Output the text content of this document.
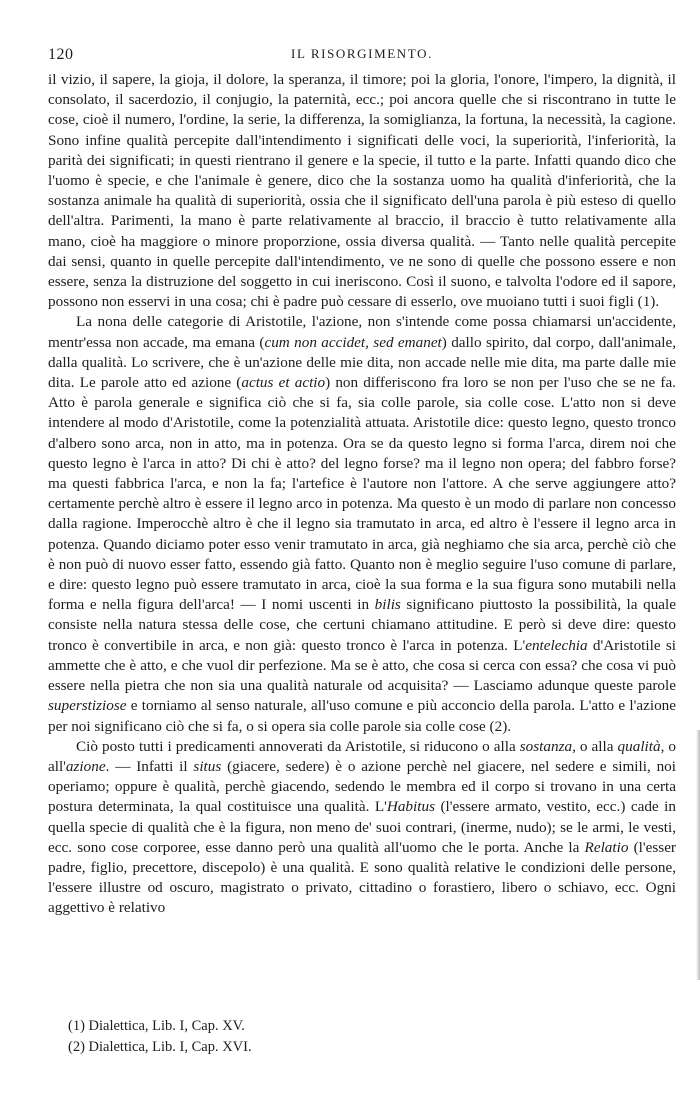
120	IL RISORGIMENTO.

il vizio, il sapere, la gioja, il dolore, la speranza, il timore; poi la gloria, l'onore, l'impero, la dignità, il consolato, il sacerdozio, il conjugio, la paternità, ecc.; poi ancora quelle che si riscontrano in tutte le cose, cioè il numero, l'ordine, la serie, la differenza, la somiglianza, la fortuna, la necessità, la cagione. Sono infine qualità percepite dall'intendimento i significati delle voci, la superiorità, l'inferiorità, la parità dei significati; in questi rientrano il genere e la specie, il tutto e la parte. Infatti quando dico che l'uomo è specie, e che l'animale è genere, dico che la sostanza uomo ha qualità d'inferiorità, che la sostanza animale ha qualità di superiorità, ossia che il significato dell'una parola è più esteso di quello dell'altra. Parimenti, la mano è parte relativamente al braccio, il braccio è tutto relativamente alla mano, cioè ha maggiore o minore proporzione, ossia diversa qualità. — Tanto nelle qualità percepite dai sensi, quanto in quelle percepite dall'intendimento, ve ne sono di quelle che possono essere e non essere, senza la distruzione del soggetto in cui ineriscono. Così il suono, e talvolta l'odore ed il sapore, possono non esservi in una cosa; chi è padre può cessare di esserlo, ove muoiano tutti i suoi figli (1).

La nona delle categorie di Aristotile, l'azione, non s'intende come possa chiamarsi un'accidente, mentr'essa non accade, ma emana (cum non accidet, sed emanet) dallo spirito, dal corpo, dall'animale, dalla qualità. Lo scrivere, che è un'azione delle mie dita, non accade nelle mie dita, ma parte dalle mie dita. Le parole atto ed azione (actus et actio) non differiscono fra loro se non per l'uso che se ne fa. Atto è parola generale e significa ciò che si fa, sia colle parole, sia colle cose. L'atto non si deve intendere al modo d'Aristotile, come la potenzialità attuata. Aristotile dice: questo legno, questo tronco d'albero sono arca, non in atto, ma in potenza. Ora se da questo legno si forma l'arca, direm noi che questo legno è l'arca in atto? Di chi è atto? del legno forse? ma il legno non opera; del fabbro forse? ma questi fabbrica l'arca, e non la fa; l'artefice è l'autore non l'attore. A che serve aggiungere atto? certamente perchè altro è essere il legno arco in potenza. Ma questo è un modo di parlare non concesso dalla ragione. Imperocchè altro è che il legno sia tramutato in arca, ed altro è l'essere il legno arca in potenza. Quando diciamo poter esso venir tramutato in arca, già neghiamo che sia arca, perchè ciò che è non può di nuovo esser fatto, essendo già fatto. Quanto non è meglio seguire l'uso comune di parlare, e dire: questo legno può essere tramutato in arca, cioè la sua forma e la sua figura sono mutabili nella forma e nella figura dell'arca! — I nomi uscenti in bilis significano piuttosto la possibilità, la quale consiste nella natura stessa delle cose, che certuni chiamano attitudine. E però si deve dire: questo tronco è convertibile in arca, e non già: questo tronco è l'arca in potenza. L'entelechia d'Aristotile si ammette che è atto, e che vuol dir perfezione. Ma se è atto, che cosa si cerca con essa? che cosa vi può essere nella pietra che non sia una qualità naturale od acquisita? — Lasciamo adunque queste parole superstiziose e torniamo al senso naturale, all'uso comune e più acconcio della parola. L'atto e l'azione per noi significano ciò che si fa, o si opera sia colle parole sia colle cose (2).

Ciò posto tutti i predicamenti annoverati da Aristotile, si riducono o alla sostanza, o alla qualità, o all'azione. — Infatti il situs (giacere, sedere) è o azione perchè nel giacere, nel sedere e simili, noi operiamo; oppure è qualità, perchè giacendo, sedendo le membra ed il corpo si trovano in una certa postura determinata, la qual costituisce una qualità. L'Habitus (l'essere armato, vestito, ecc.) cade in quella specie di qualità che è la figura, non meno de' suoi contrari, (inerme, nudo); se le armi, le vesti, ecc. sono cose corporee, esse danno però una qualità all'uomo che le porta. Anche la Relatio (l'esser padre, figlio, precettore, discepolo) è una qualità. E sono qualità relative le condizioni delle persone, l'essere illustre od oscuro, magistrato o privato, cittadino o forastiero, libero o schiavo, ecc. Ogni aggettivo è relativo

(1) Dialettica, Lib. I, Cap. XV.
(2) Dialettica, Lib. I, Cap. XVI.
